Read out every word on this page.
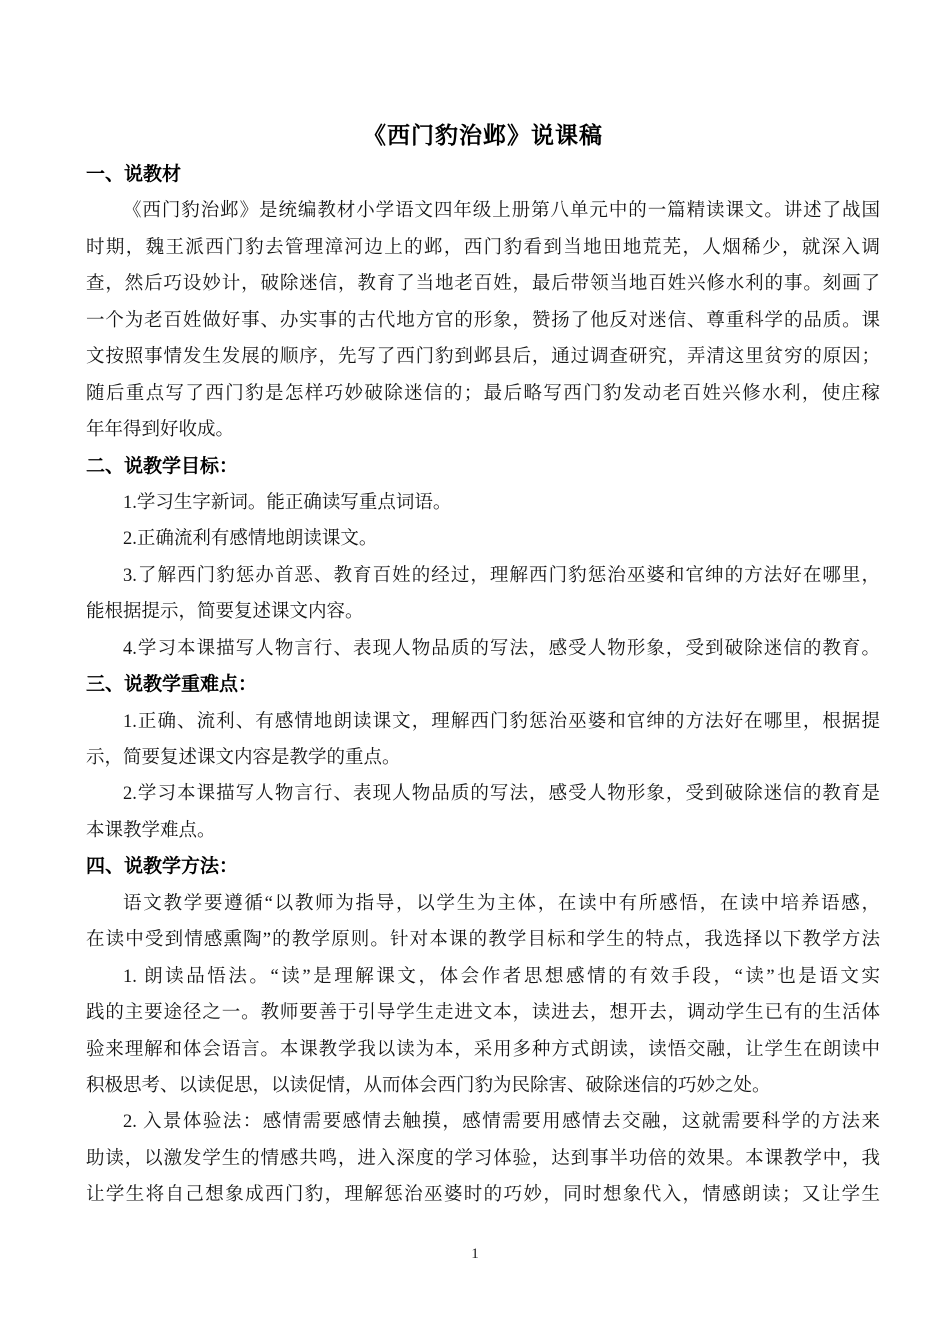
《西门豹治邺》说课稿
一、说教材
《西门豹治邺》是统编教材小学语文四年级上册第八单元中的一篇精读课文。讲述了战国
时期，魏王派西门豹去管理漳河边上的邺，西门豹看到当地田地荒芜，人烟稀少，就深入调
查，然后巧设妙计，破除迷信，教育了当地老百姓，最后带领当地百姓兴修水利的事。刻画了
一个为老百姓做好事、办实事的古代地方官的形象，赞扬了他反对迷信、尊重科学的品质。课
文按照事情发生发展的顺序，先写了西门豹到邺县后，通过调查研究，弄清这里贫穷的原因；
随后重点写了西门豹是怎样巧妙破除迷信的；最后略写西门豹发动老百姓兴修水利，使庄稼
年年得到好收成。
二、说教学目标：
1.学习生字新词。能正确读写重点词语。
2.正确流利有感情地朗读课文。
3.了解西门豹惩办首恶、教育百姓的经过，理解西门豹惩治巫婆和官绅的方法好在哪里，
能根据提示，简要复述课文内容。
4.学习本课描写人物言行、表现人物品质的写法，感受人物形象，受到破除迷信的教育。
三、说教学重难点：
1.正确、流利、有感情地朗读课文，理解西门豹惩治巫婆和官绅的方法好在哪里，根据提
示，简要复述课文内容是教学的重点。
2.学习本课描写人物言行、表现人物品质的写法，感受人物形象，受到破除迷信的教育是
本课教学难点。
四、说教学方法：
语文教学要遵循“以教师为指导，以学生为主体，在读中有所感悟，在读中培养语感，
在读中受到情感熏陶”的教学原则。针对本课的教学目标和学生的特点，我选择以下教学方法
1. 朗读品悟法。“读”是理解课文，体会作者思想感情的有效手段，“读”也是语文实
践的主要途径之一。教师要善于引导学生走进文本，读进去，想开去，调动学生已有的生活体
验来理解和体会语言。本课教学我以读为本，采用多种方式朗读，读悟交融，让学生在朗读中
积极思考、以读促思，以读促情，从而体会西门豹为民除害、破除迷信的巧妙之处。
2. 入景体验法：感情需要感情去触摸，感情需要用感情去交融，这就需要科学的方法来
助读，以激发学生的情感共鸣，进入深度的学习体验，达到事半功倍的效果。本课教学中，我
让学生将自己想象成西门豹，理解惩治巫婆时的巧妙，同时想象代入，情感朗读；又让学生
1
